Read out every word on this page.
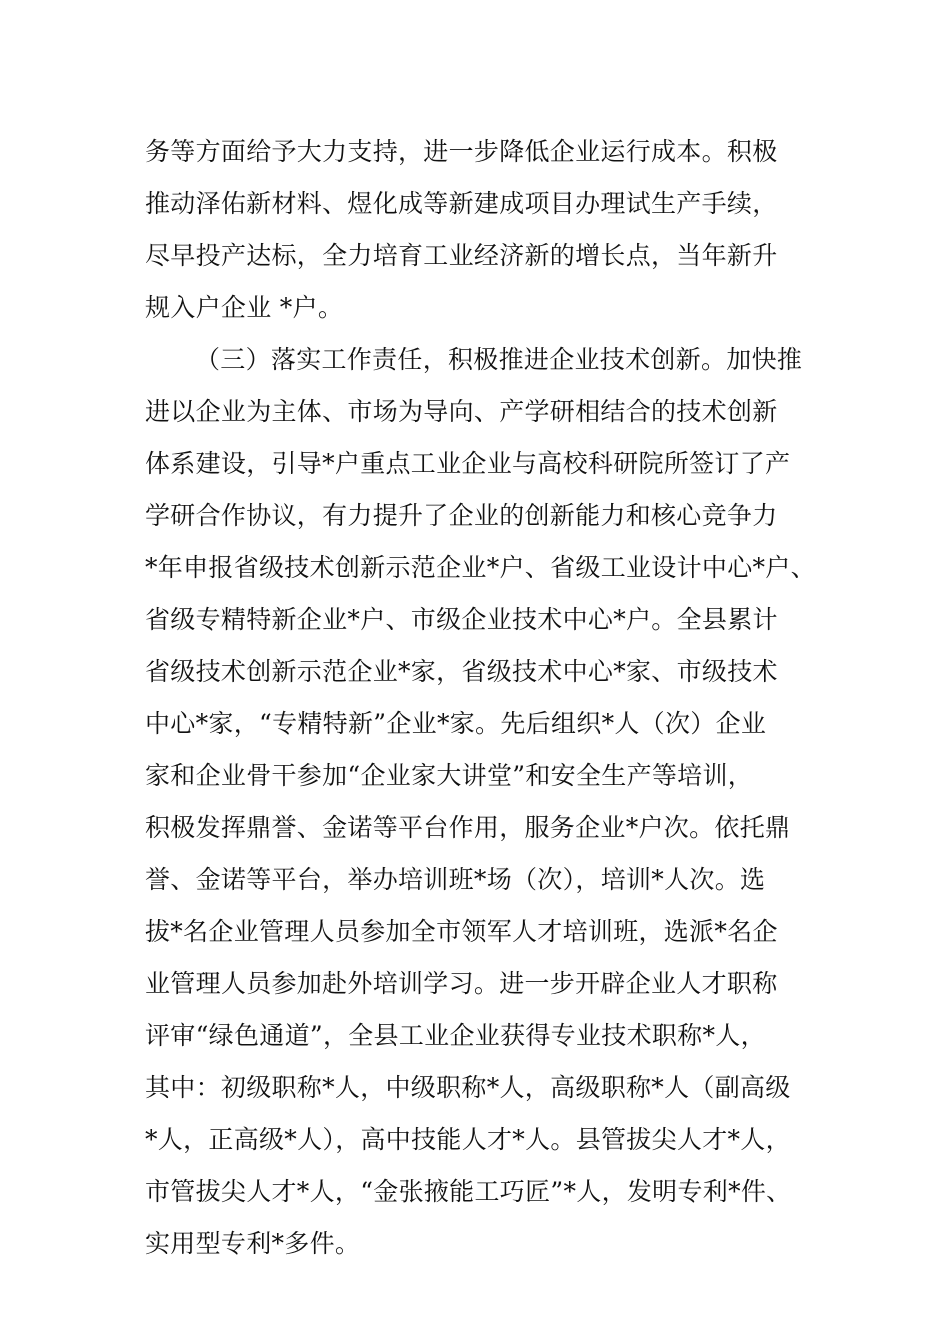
务等方面给予大力支持，进一步降低企业运行成本。积极
推动泽佑新材料、煜化成等新建成项目办理试生产手续，
尽早投产达标，全力培育工业经济新的增长点，当年新升
规入户企业 *户。
（三）落实工作责任，积极推进企业技术创新。加快推
进以企业为主体、市场为导向、产学研相结合的技术创新
体系建设，引导*户重点工业企业与高校科研院所签订了产
学研合作协议，有力提升了企业的创新能力和核心竞争力
*年申报省级技术创新示范企业*户、省级工业设计中心*户、
省级专精特新企业*户、市级企业技术中心*户。全县累计
省级技术创新示范企业*家，省级技术中心*家、市级技术
中心*家，“专精特新”企业*家。先后组织*人（次）企业
家和企业骨干参加“企业家大讲堂”和安全生产等培训，
积极发挥鼎誉、金诺等平台作用，服务企业*户次。依托鼎
誉、金诺等平台，举办培训班*场（次），培训*人次。选
拔*名企业管理人员参加全市领军人才培训班，选派*名企
业管理人员参加赴外培训学习。进一步开辟企业人才职称
评审“绿色通道”，全县工业企业获得专业技术职称*人，
其中：初级职称*人，中级职称*人，高级职称*人（副高级
*人，正高级*人），高中技能人才*人。县管拔尖人才*人，
市管拔尖人才*人，“金张掖能工巧匠”*人，发明专利*件、
实用型专利*多件。
